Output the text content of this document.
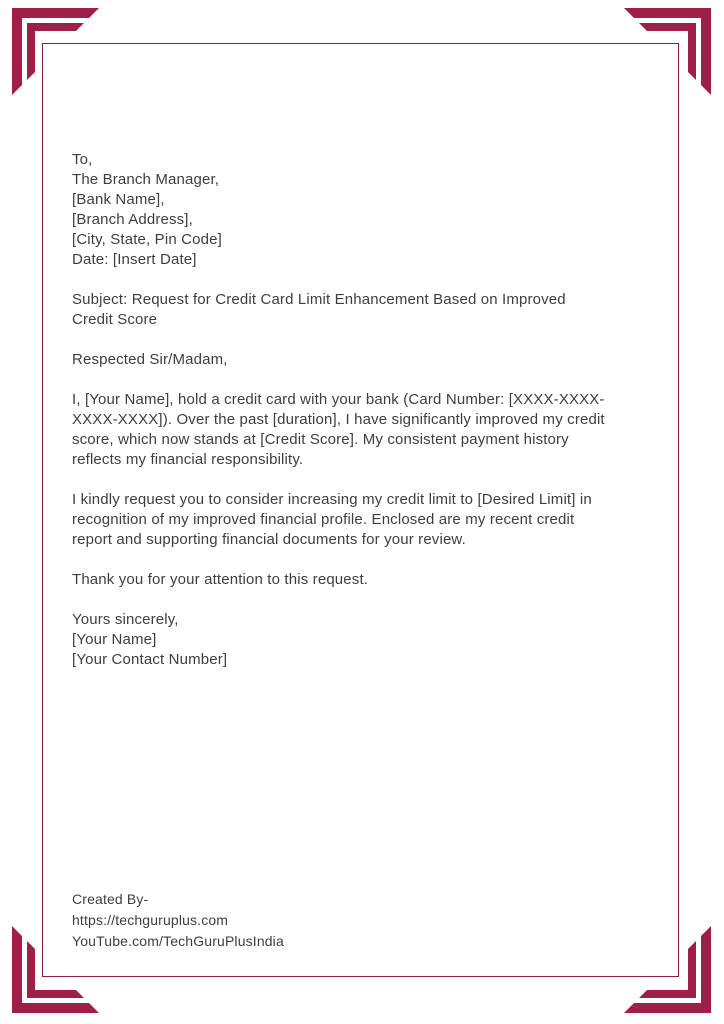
To,
The Branch Manager,
[Bank Name],
[Branch Address],
[City, State, Pin Code]
Date: [Insert Date]
Subject: Request for Credit Card Limit Enhancement Based on Improved
Credit Score
Respected Sir/Madam,
I, [Your Name], hold a credit card with your bank (Card Number: [XXXX-XXXX-
XXXX-XXXX]). Over the past [duration], I have significantly improved my credit
score, which now stands at [Credit Score]. My consistent payment history
reflects my financial responsibility.
I kindly request you to consider increasing my credit limit to [Desired Limit] in
recognition of my improved financial profile. Enclosed are my recent credit
report and supporting financial documents for your review.
Thank you for your attention to this request.
Yours sincerely,
[Your Name]
[Your Contact Number]
Created By-
https://techguruplus.com
YouTube.com/TechGuruPlusIndia
